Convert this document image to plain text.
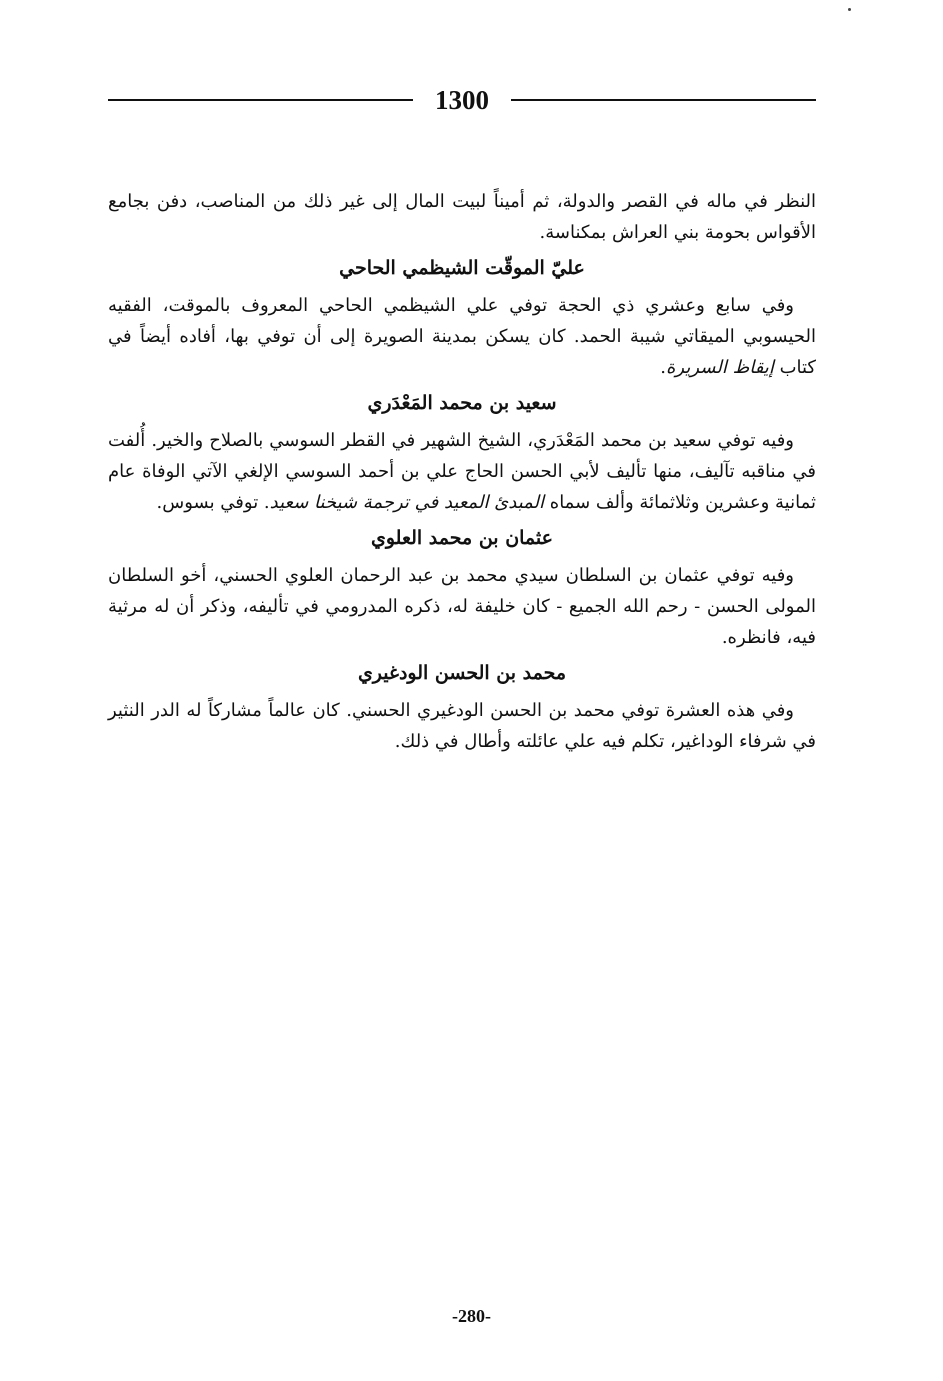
1300

النظر في ماله في القصر والدولة، ثم أميناً لبيت المال إلى غير ذلك من المناصب، دفن بجامع الأقواس بحومة بني العراش بمكناسة.

عليّ الموقّت الشيظمي الحاحي

وفي سابع وعشري ذي الحجة توفي علي الشيظمي الحاحي المعروف بالموقت، الفقيه الحيسوبي الميقاتي شيبة الحمد. كان يسكن بمدينة الصويرة إلى أن توفي بها، أفاده أيضاً في كتاب إيقاظ السريرة.

سعيد بن محمد المَعْدَري

وفيه توفي سعيد بن محمد المَعْدَري، الشيخ الشهير في القطر السوسي بالصلاح والخير. أُلفت في مناقبه تآليف، منها تأليف لأبي الحسن الحاج علي بن أحمد السوسي الإلغي الآتي الوفاة عام ثمانية وعشرين وثلاثمائة وألف سماه المبدئ المعيد في ترجمة شيخنا سعيد. توفي بسوس.

عثمان بن محمد العلوي

وفيه توفي عثمان بن السلطان سيدي محمد بن عبد الرحمان العلوي الحسني، أخو السلطان المولى الحسن - رحم الله الجميع - كان خليفة له، ذكره المدرومي في تأليفه، وذكر أن له مرثية فيه، فانظره.

محمد بن الحسن الودغيري

وفي هذه العشرة توفي محمد بن الحسن الودغيري الحسني. كان عالماً مشاركاً له الدر النثير في شرفاء الوداغير، تكلم فيه علي عائلته وأطال في ذلك.

-280-
